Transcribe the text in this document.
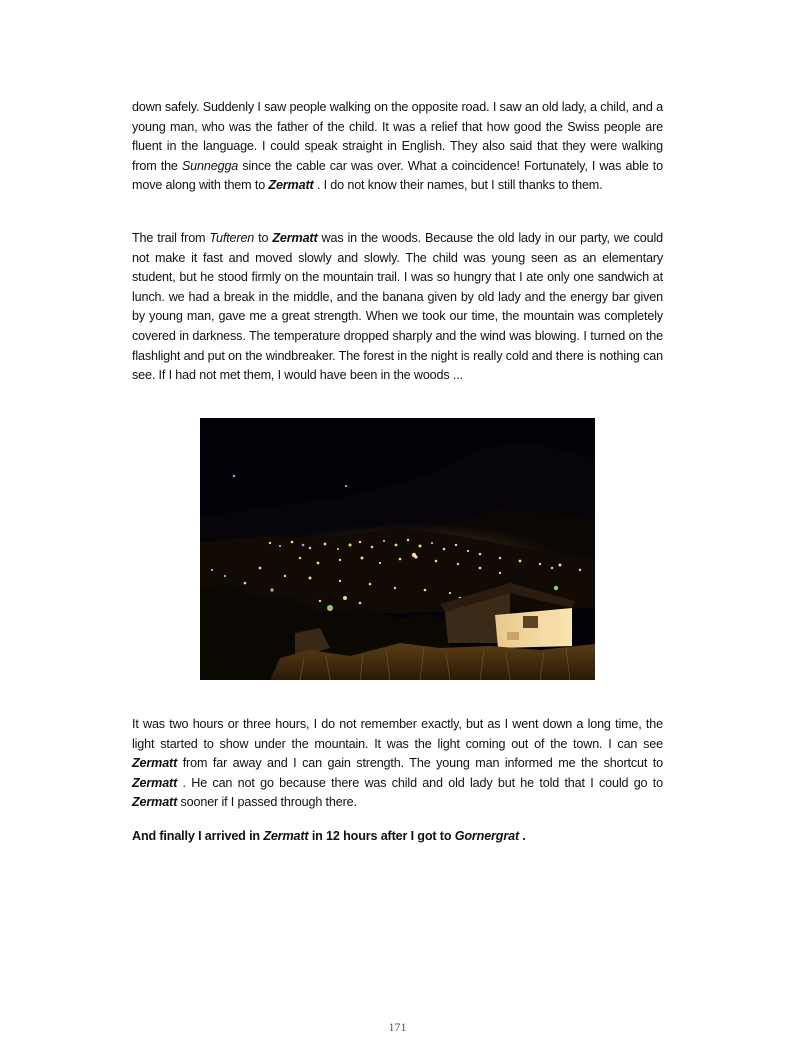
down safely. Suddenly I saw people walking on the opposite road. I saw an old lady, a child, and a young man, who was the father of the child. It was a relief that how good the Swiss people are fluent in the language. I could speak straight in English. They also said that they were walking from the Sunnegga since the cable car was over. What a coincidence! Fortunately, I was able to move along with them to Zermatt . I do not know their names, but I still thanks to them.

The trail from Tufteren to Zermatt was in the woods. Because the old lady in our party, we could not make it fast and moved slowly and slowly. The child was young seen as an elementary student, but he stood firmly on the mountain trail. I was so hungry that I ate only one sandwich at lunch. we had a break in the middle, and the banana given by old lady and the energy bar given by young man, gave me a great strength. When we took our time, the mountain was completely covered in darkness. The temperature dropped sharply and the wind was blowing. I turned on the flashlight and put on the windbreaker. The forest in the night is really cold and there is nothing can see. If I had not met them, I would have been in the woods ...

It was two hours or three hours, I do not remember exactly, but as I went down a long time, the light started to show under the mountain. It was the light coming out of the town. I can see Zermatt from far away and I can gain strength. The young man informed me the shortcut to Zermatt . He can not go because there was child and old lady but he told that I could go to Zermatt sooner if I passed through there.

And finally I arrived in Zermatt in 12 hours after I got to Gornergrat .

171
